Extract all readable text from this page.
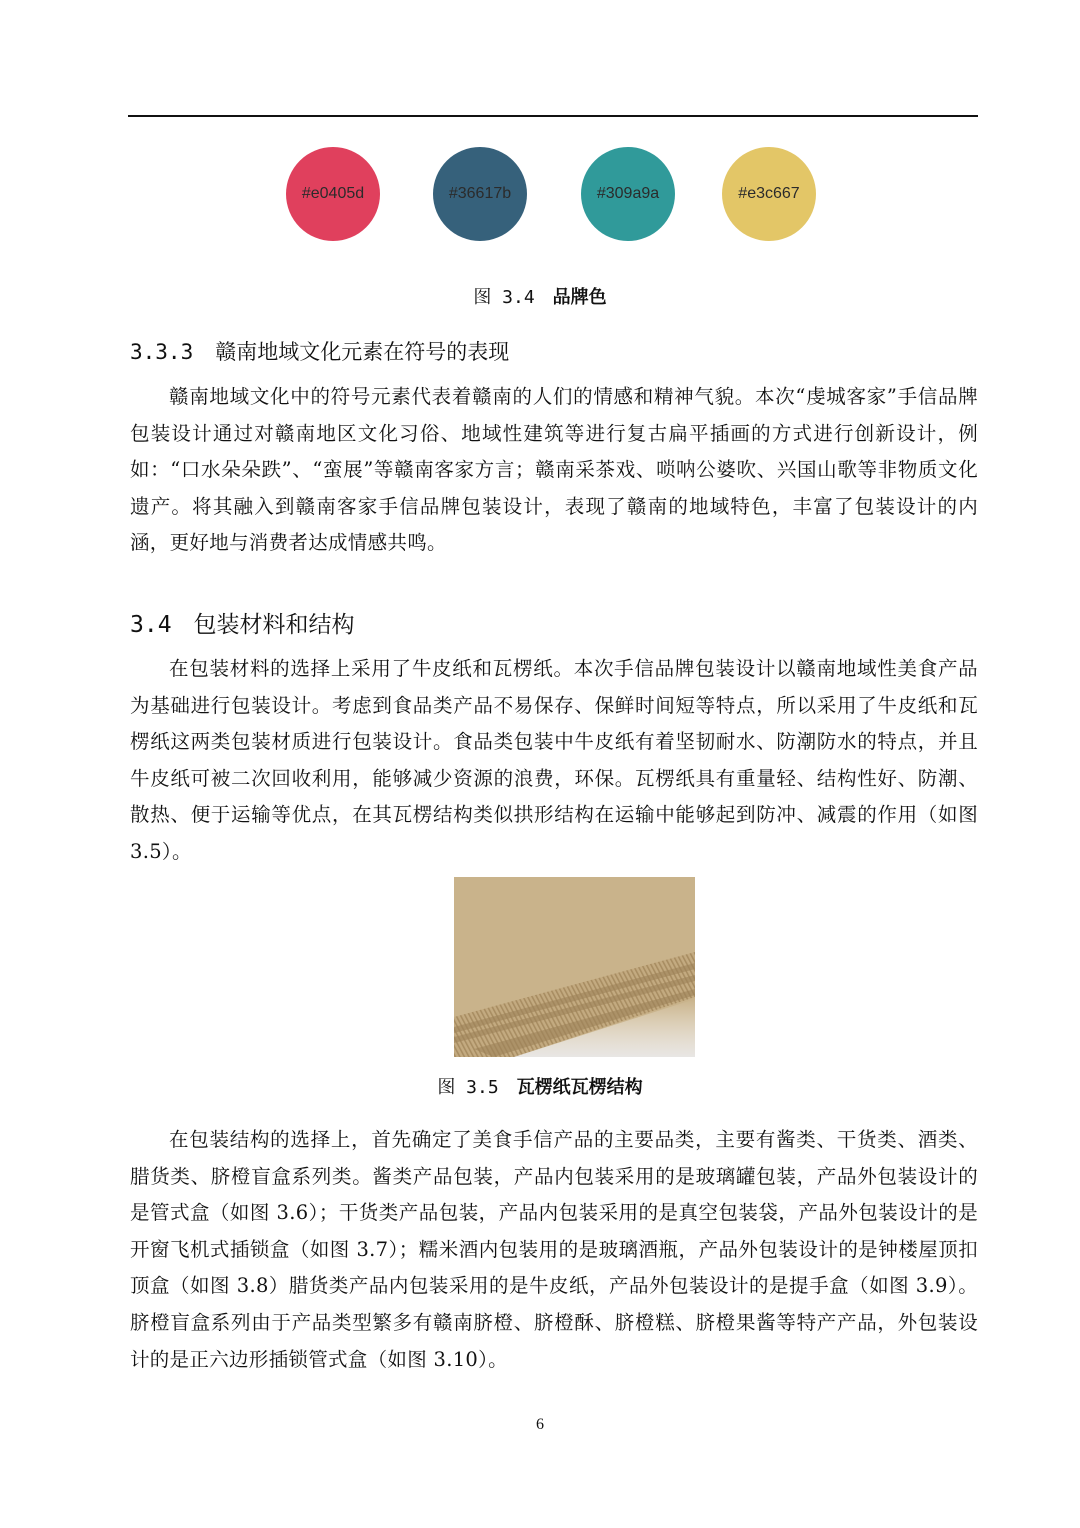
#e0405d	#36617b	#309a9a	#e3c667
图 3.4 品牌色
3.3.3 赣南地域文化元素在符号的表现

赣南地域文化中的符号元素代表着赣南的人们的情感和精神气貌。本次“虔城客家”手信品牌包装设计通过对赣南地区文化习俗、地域性建筑等进行复古扁平插画的方式进行创新设计，例如：“口水朵朵跌”、“蛮展”等赣南客家方言；赣南采茶戏、唢呐公婆吹、兴国山歌等非物质文化遗产。将其融入到赣南客家手信品牌包装设计，表现了赣南的地域特色，丰富了包装设计的内涵，更好地与消费者达成情感共鸣。

3.4 包装材料和结构

在包装材料的选择上采用了牛皮纸和瓦楞纸。本次手信品牌包装设计以赣南地域性美食产品为基础进行包装设计。考虑到食品类产品不易保存、保鲜时间短等特点，所以采用了牛皮纸和瓦楞纸这两类包装材质进行包装设计。食品类包装中牛皮纸有着坚韧耐水、防潮防水的特点，并且牛皮纸可被二次回收利用，能够减少资源的浪费，环保。瓦楞纸具有重量轻、结构性好、防潮、散热、便于运输等优点，在其瓦楞结构类似拱形结构在运输中能够起到防冲、减震的作用（如图 3.5）。

图 3.5 瓦楞纸瓦楞结构

在包装结构的选择上，首先确定了美食手信产品的主要品类，主要有酱类、干货类、酒类、腊货类、脐橙盲盒系列类。酱类产品包装，产品内包装采用的是玻璃罐包装，产品外包装设计的是管式盒（如图 3.6）；干货类产品包装，产品内包装采用的是真空包装袋，产品外包装设计的是开窗飞机式插锁盒（如图 3.7）；糯米酒内包装用的是玻璃酒瓶，产品外包装设计的是钟楼屋顶扣顶盒（如图 3.8）腊货类产品内包装采用的是牛皮纸，产品外包装设计的是提手盒（如图 3.9）。脐橙盲盒系列由于产品类型繁多有赣南脐橙、脐橙酥、脐橙糕、脐橙果酱等特产产品，外包装设计的是正六边形插锁管式盒（如图 3.10）。

6
